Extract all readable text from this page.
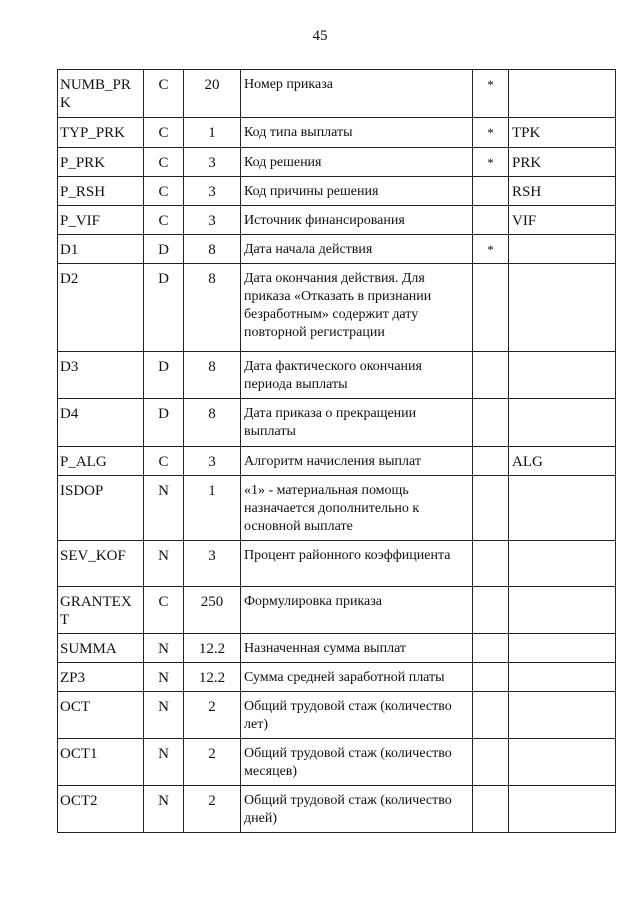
45
NUMB_PRK	C	20	Номер приказа	*	
TYP_PRK	C	1	Код типа выплаты	*	TPK
P_PRK	C	3	Код решения	*	PRK
P_RSH	C	3	Код причины решения		RSH
P_VIF	C	3	Источник финансирования		VIF
D1	D	8	Дата начала действия	*	
D2	D	8	Дата окончания действия. Для приказа «Отказать в признании безработным» содержит дату повторной регистрации		
D3	D	8	Дата фактического окончания периода выплаты		
D4	D	8	Дата приказа о прекращении выплаты		
P_ALG	C	3	Алгоритм начисления выплат		ALG
ISDOP	N	1	«1» - материальная помощь назначается дополнительно к основной выплате		
SEV_KOF	N	3	Процент районного коэффициента		
GRANTEXT	C	250	Формулировка приказа		
SUMMA	N	12.2	Назначенная сумма выплат		
ZP3	N	12.2	Сумма средней заработной платы		
OCT	N	2	Общий трудовой стаж (количество лет)		
OCT1	N	2	Общий трудовой стаж (количество месяцев)		
OCT2	N	2	Общий трудовой стаж (количество дней)		
